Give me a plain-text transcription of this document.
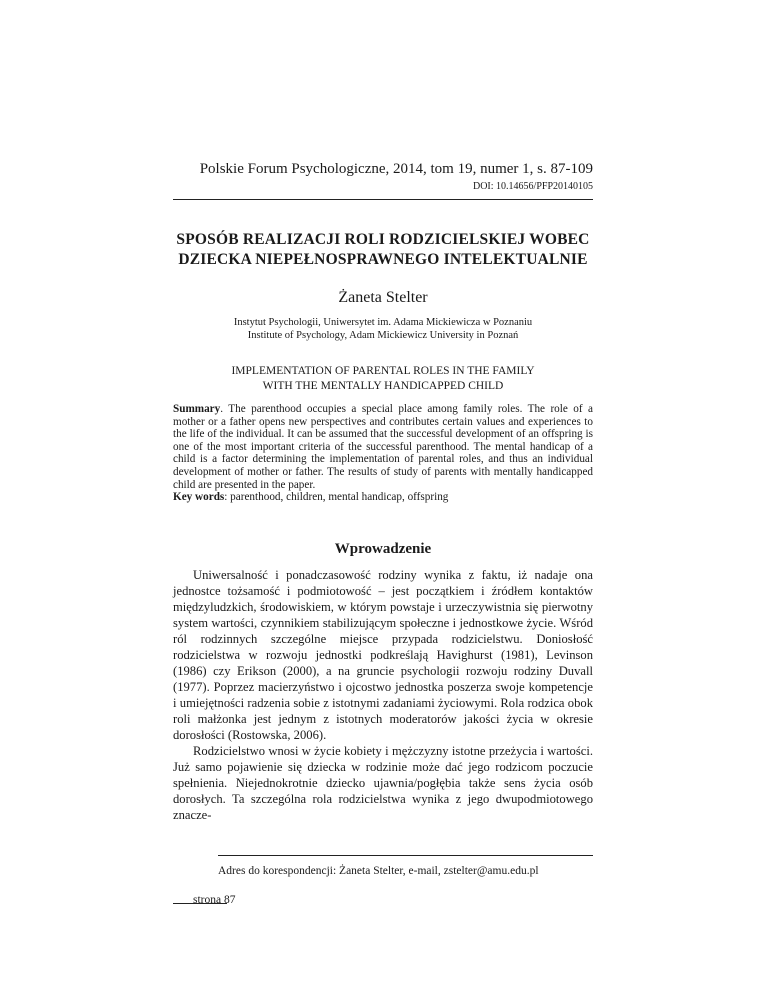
Polskie Forum Psychologiczne, 2014, tom 19, numer 1, s. 87-109

DOI: 10.14656/PFP20140105

SPOSÓB REALIZACJI ROLI RODZICIELSKIEJ WOBEC
DZIECKA NIEPEŁNOSPRAWNEGO INTELEKTUALNIE

Żaneta Stelter

Instytut Psychologii, Uniwersytet im. Adama Mickiewicza w Poznaniu
Institute of Psychology, Adam Mickiewicz University in Poznań

IMPLEMENTATION OF PARENTAL ROLES IN THE FAMILY
WITH THE MENTALLY HANDICAPPED CHILD

Summary. The parenthood occupies a special place among family roles. The role of a mother or a father opens new perspectives and contributes certain values and experiences to the life of the individual. It can be assumed that the successful development of an offspring is one of the most important criteria of the successful parenthood. The mental handicap of a child is a factor determining the implementation of parental roles, and thus an individual development of mother or father. The results of study of parents with mentally handicapped child are presented in the paper.

Key words: parenthood, children, mental handicap, offspring

Wprowadzenie

Uniwersalność i ponadczasowość rodziny wynika z faktu, iż nadaje ona jednostce tożsamość i podmiotowość – jest początkiem i źródłem kontaktów międzyludzkich, środowiskiem, w którym powstaje i urzeczywistnia się pierwotny system wartości, czynnikiem stabilizującym społeczne i jednostkowe życie. Wśród ról rodzinnych szczególne miejsce przypada rodzicielstwu. Doniosłość rodzicielstwa w rozwoju jednostki podkreślają Havighurst (1981), Levinson (1986) czy Erikson (2000), a na gruncie psychologii rozwoju rodziny Duvall (1977). Poprzez macierzyństwo i ojcostwo jednostka poszerza swoje kompetencje i umiejętności radzenia sobie z istotnymi zadaniami życiowymi. Rola rodzica obok roli małżonka jest jednym z istotnych moderatorów jakości życia w okresie dorosłości (Rostowska, 2006).

Rodzicielstwo wnosi w życie kobiety i mężczyzny istotne przeżycia i wartości. Już samo pojawienie się dziecka w rodzinie może dać jego rodzicom poczucie spełnienia. Niejednokrotnie dziecko ujawnia/pogłębia także sens życia osób dorosłych. Ta szczególna rola rodzicielstwa wynika z jego dwupodmiotowego znacze-

Adres do korespondencji: Żaneta Stelter, e-mail, zstelter@amu.edu.pl

strona 87
